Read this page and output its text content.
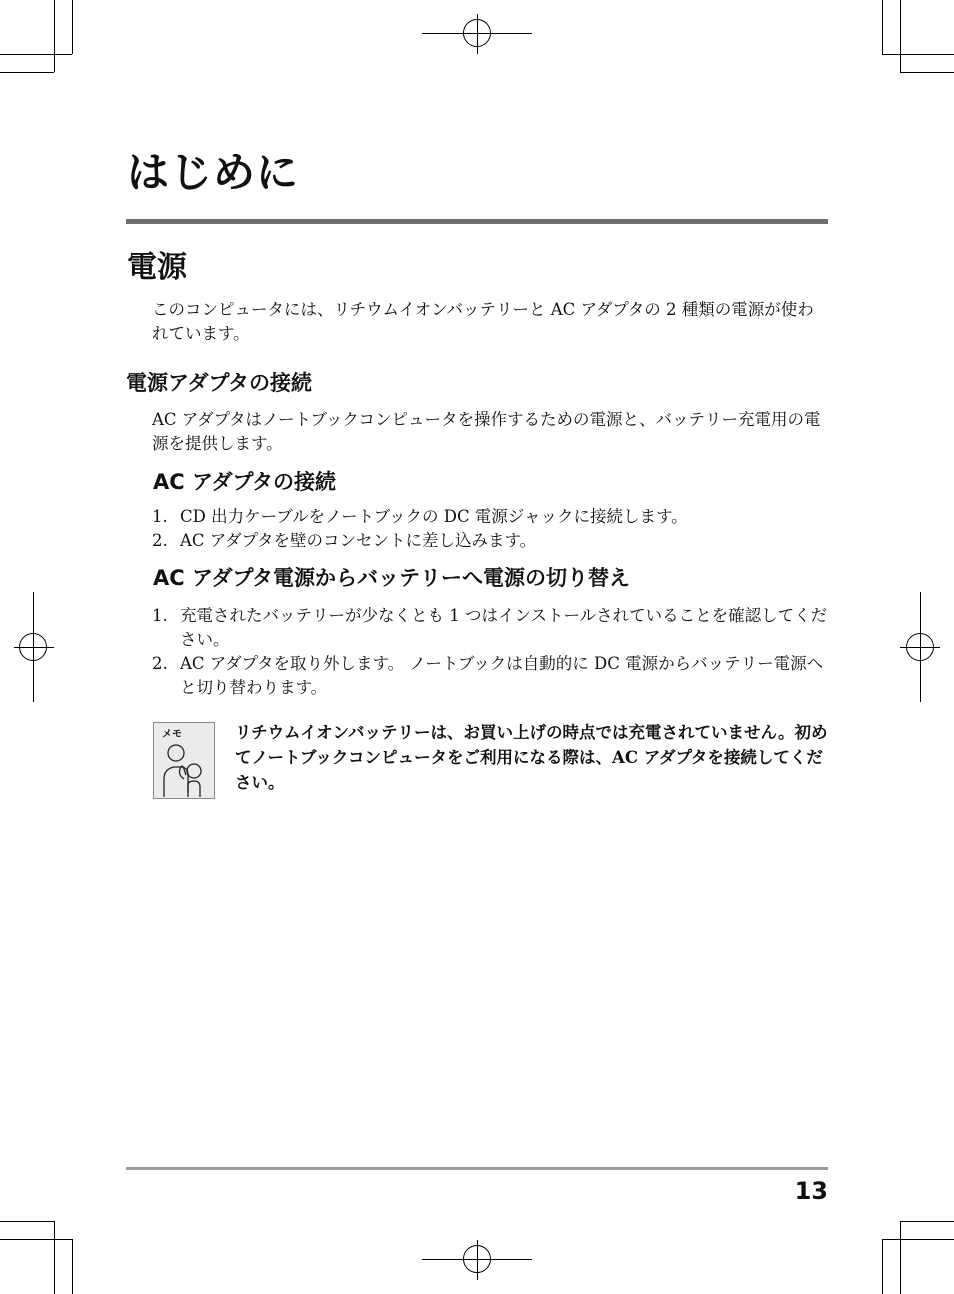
はじめに
電源

このコンピュータには、リチウムイオンバッテリーと AC アダプタの 2 種類の電源が使われています。

電源アダプタの接続

AC アダプタはノートブックコンピュータを操作するための電源と、バッテリー充電用の電源を提供します。

AC アダプタの接続
1. CD 出力ケーブルをノートブックの DC 電源ジャックに接続します。
2. AC アダプタを壁のコンセントに差し込みます。
AC アダプタ電源からバッテリーへ電源の切り替え
1. 充電されたバッテリーが少なくとも 1 つはインストールされていることを確認してください。
2. AC アダプタを取り外します。 ノートブックは自動的に DC 電源からバッテリー電源へと切り替わります。
メモ	リチウムイオンバッテリーは、お買い上げの時点では充電されていません。初めてノートブックコンピュータをご利用になる際は、AC アダプタを接続してください。

13
